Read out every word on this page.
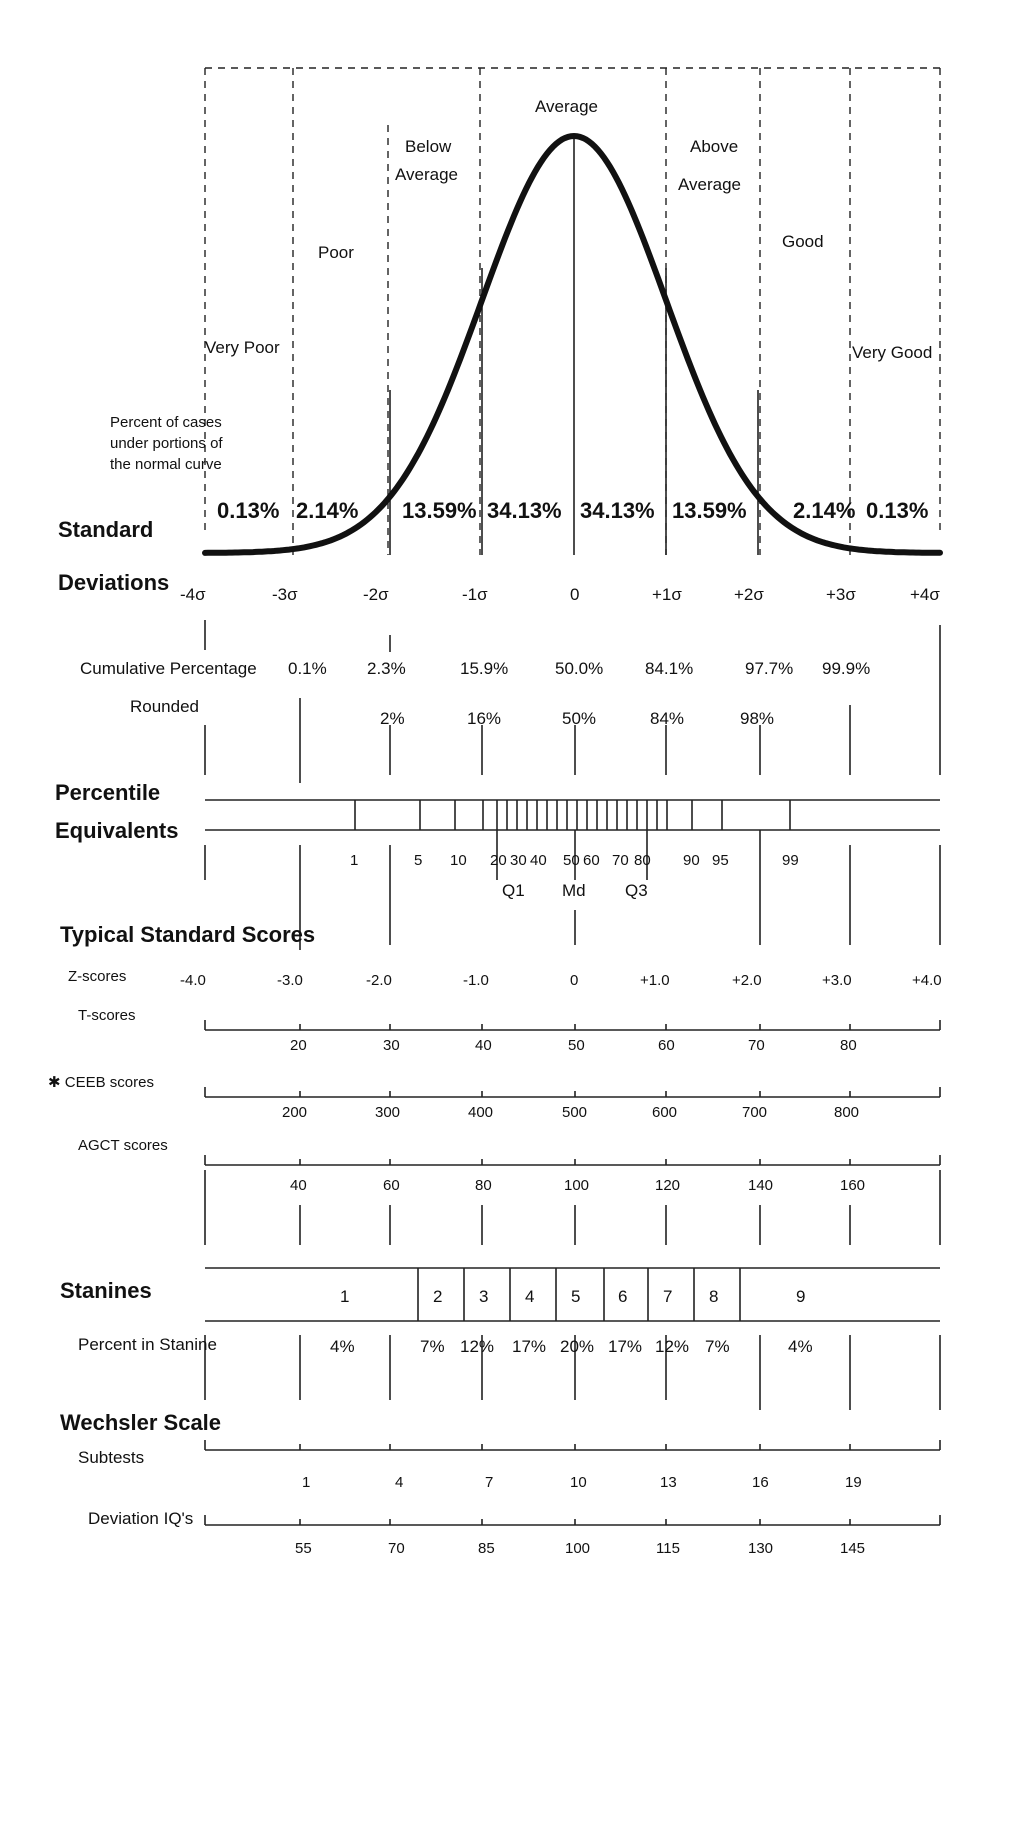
Very Poor
Poor
Below
Average
Average
Above
Average
Good
Very Good
Percent of cases
under portions of
the normal curve
0.13% 2.14% 13.59% 34.13% 34.13% 13.59% 2.14% 0.13%
Standard
Deviations -4σ	-3σ	-2σ	-1σ	0	+1σ	+2σ	+3σ	+4σ
Cumulative Percentage 0.1% 2.3%	15.9%	50.0% 84.1%	97.7% 99.9%
Rounded
2%	16%	50%	84%	98%
Percentile
Equivalents
1	5 10 20 30 40 50 60 70 80 90 95	99
Q1 Md Q3
Typical Standard Scores
Z-scores	-4.0	-3.0	-2.0	-1.0	0	+1.0	+2.0	+3.0	+4.0
T-scores
20	30	40	50	60	70	80
✱ CEEB scores
200	300	400	500	600	700	800
AGCT scores
40	60	80	100	120	140	160
Stanines	1	2 3 4 5 6 7 8	9
Percent in Stanine	4%	7% 12% 17% 20% 17% 12% 7%	4%
Wechsler Scale
Subtests
1	4	7	10	13	16	19
Deviation IQ's
55	70	85	100	115	130	145
